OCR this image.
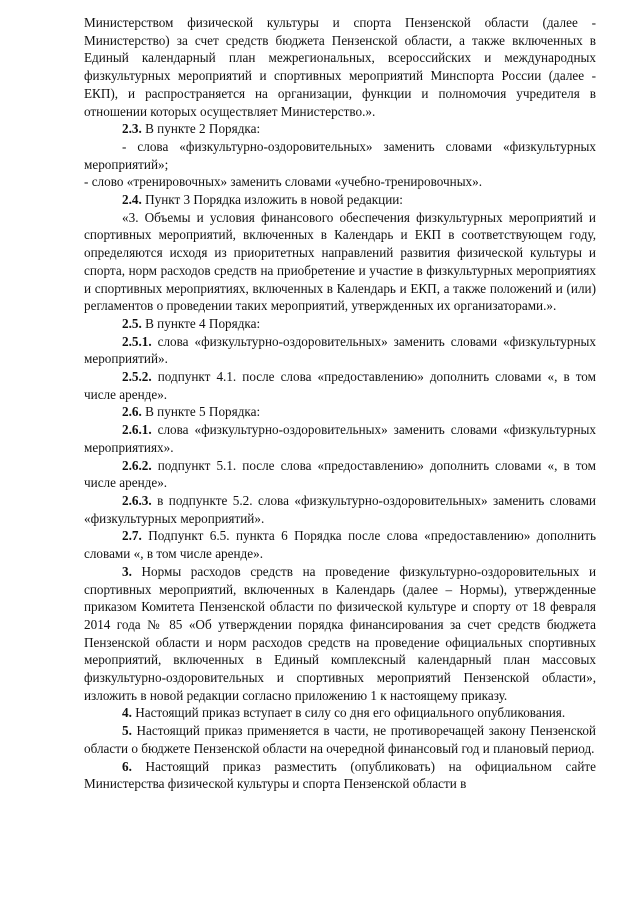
Министерством физической культуры и спорта Пензенской области (далее - Министерство) за счет средств бюджета Пензенской области, а также включенных в Единый календарный план межрегиональных, всероссийских и международных физкультурных мероприятий и спортивных мероприятий Минспорта России (далее - ЕКП), и распространяется на организации, функции и полномочия учредителя в отношении которых осуществляет Министерство.».

2.3. В пункте 2 Порядка:

- слова «физкультурно-оздоровительных» заменить словами «физкультурных мероприятий»;

- слово «тренировочных» заменить словами «учебно-тренировочных».

2.4. Пункт 3 Порядка изложить в новой редакции:

«3. Объемы и условия финансового обеспечения физкультурных мероприятий и спортивных мероприятий, включенных в Календарь и ЕКП в соответствующем году, определяются исходя из приоритетных направлений развития физической культуры и спорта, норм расходов средств на приобретение и участие в физкультурных мероприятиях и спортивных мероприятиях, включенных в Календарь и ЕКП, а также положений и (или) регламентов о проведении таких мероприятий, утвержденных их организаторами.».

2.5. В пункте 4 Порядка:

2.5.1. слова «физкультурно-оздоровительных» заменить словами «физкультурных мероприятий».

2.5.2. подпункт 4.1. после слова «предоставлению» дополнить словами «, в том числе аренде».

2.6. В пункте 5 Порядка:

2.6.1. слова «физкультурно-оздоровительных» заменить словами «физкультурных мероприятиях».

2.6.2. подпункт 5.1. после слова «предоставлению» дополнить словами «, в том числе аренде».

2.6.3. в подпункте 5.2. слова «физкультурно-оздоровительных» заменить словами «физкультурных мероприятий».

2.7. Подпункт 6.5. пункта 6 Порядка после слова «предоставлению» дополнить словами «, в том числе аренде».

3. Нормы расходов средств на проведение физкультурно-оздоровительных и спортивных мероприятий, включенных в Календарь (далее – Нормы), утвержденные приказом Комитета Пензенской области по физической культуре и спорту от 18 февраля 2014 года № 85 «Об утверждении порядка финансирования за счет средств бюджета Пензенской области и норм расходов средств на проведение официальных спортивных мероприятий, включенных в Единый комплексный календарный план массовых физкультурно-оздоровительных и спортивных мероприятий Пензенской области», изложить в новой редакции согласно приложению 1 к настоящему приказу.

4. Настоящий приказ вступает в силу со дня его официального опубликования.

5. Настоящий приказ применяется в части, не противоречащей закону Пензенской области о бюджете Пензенской области на очередной финансовый год и плановый период.

6. Настоящий приказ разместить (опубликовать) на официальном сайте Министерства физической культуры и спорта Пензенской области в
